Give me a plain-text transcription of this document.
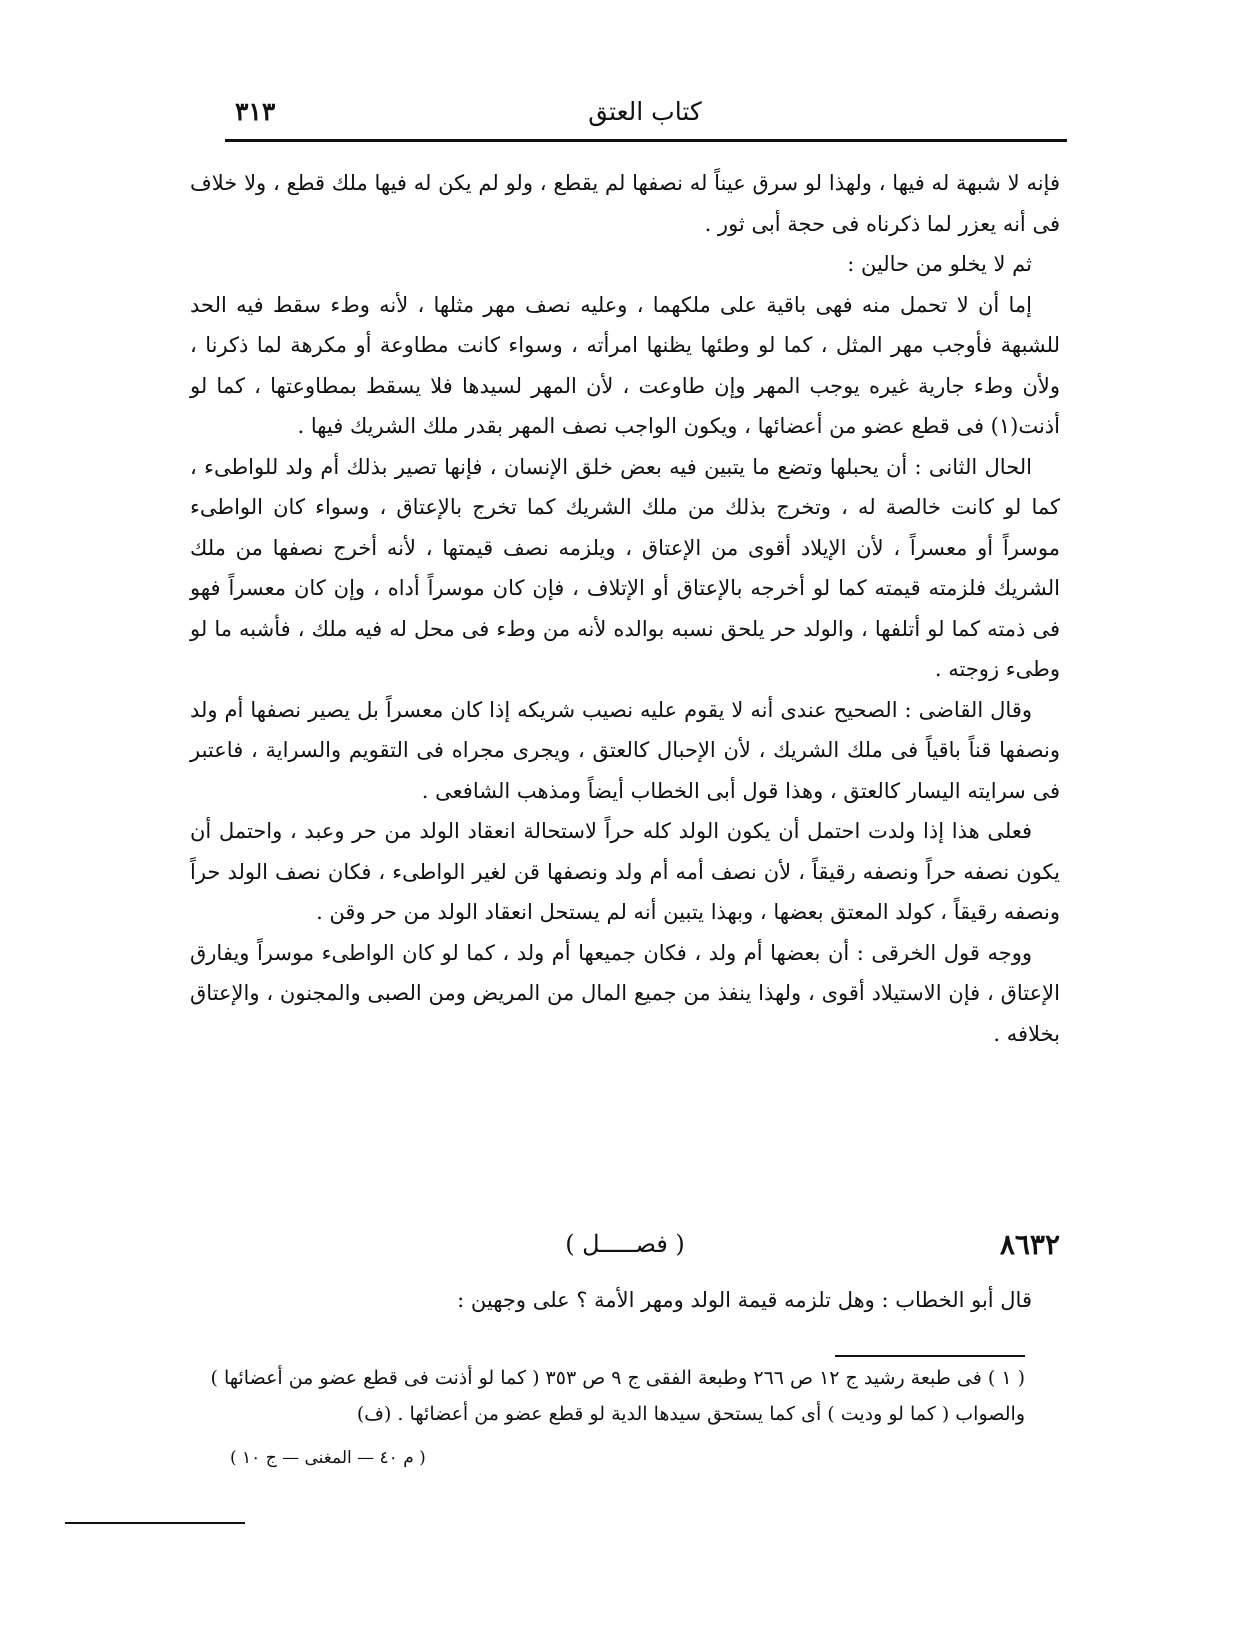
٣١٣	كتاب العتق

فإنه لا شبهة له فيها ، ولهذا لو سرق عيناً له نصفها لم يقطع ، ولو لم يكن له فيها ملك قطع ، ولا خلاف فى أنه يعزر لما ذكرناه فى حجة أبى ثور .

ثم لا يخلو من حالين :

إما أن لا تحمل منه فهى باقية على ملكهما ، وعليه نصف مهر مثلها ، لأنه وطء سقط فيه الحد للشبهة فأوجب مهر المثل ، كما لو وطئها يظنها امرأته ، وسواء كانت مطاوعة أو مكرهة لما ذكرنا ، ولأن وطء جارية غيره يوجب المهر وإن طاوعت ، لأن المهر لسيدها فلا يسقط بمطاوعتها ، كما لو أذنت(١) فى قطع عضو من أعضائها ، ويكون الواجب نصف المهر بقدر ملك الشريك فيها .

الحال الثانى : أن يحبلها وتضع ما يتبين فيه بعض خلق الإنسان ، فإنها تصير بذلك أم ولد للواطىء ، كما لو كانت خالصة له ، وتخرج بذلك من ملك الشريك كما تخرج بالإعتاق ، وسواء كان الواطىء موسراً أو معسراً ، لأن الإيلاد أقوى من الإعتاق ، ويلزمه نصف قيمتها ، لأنه أخرج نصفها من ملك الشريك فلزمته قيمته كما لو أخرجه بالإعتاق أو الإتلاف ، فإن كان موسراً أداه ، وإن كان معسراً فهو فى ذمته كما لو أتلفها ، والولد حر يلحق نسبه بوالده لأنه من وطء فى محل له فيه ملك ، فأشبه ما لو وطىء زوجته .

وقال القاضى : الصحيح عندى أنه لا يقوم عليه نصيب شريكه إذا كان معسراً بل يصير نصفها أم ولد ونصفها قناً باقياً فى ملك الشريك ، لأن الإحبال كالعتق ، ويجرى مجراه فى التقويم والسراية ، فاعتبر فى سرايته اليسار كالعتق ، وهذا قول أبى الخطاب أيضاً ومذهب الشافعى .

فعلى هذا إذا ولدت احتمل أن يكون الولد كله حراً لاستحالة انعقاد الولد من حر وعبد ، واحتمل أن يكون نصفه حراً ونصفه رقيقاً ، لأن نصف أمه أم ولد ونصفها قن لغير الواطىء ، فكان نصف الولد حراً ونصفه رقيقاً ، كولد المعتق بعضها ، وبهذا يتبين أنه لم يستحل انعقاد الولد من حر وقن .

ووجه قول الخرقى : أن بعضها أم ولد ، فكان جميعها أم ولد ، كما لو كان الواطىء موسراً ويفارق الإعتاق ، فإن الاستيلاد أقوى ، ولهذا ينفذ من جميع المال من المريض ومن الصبى والمجنون ، والإعتاق بخلافه .

٨٦٣٢
( فصـــــل )
قال أبو الخطاب : وهل تلزمه قيمة الولد ومهر الأمة ؟ على وجهين :
( ١ ) فى طبعة رشيد ج ١٢ ص ٢٦٦ وطبعة الفقى ج ٩ ص ٣٥٣ ( كما لو أذنت فى قطع عضو من أعضائها ) والصواب ( كما لو وديت ) أى كما يستحق سيدها الدية لو قطع عضو من أعضائها . (ف)
( م ٤٠ — المغنى — ج ١٠ )
